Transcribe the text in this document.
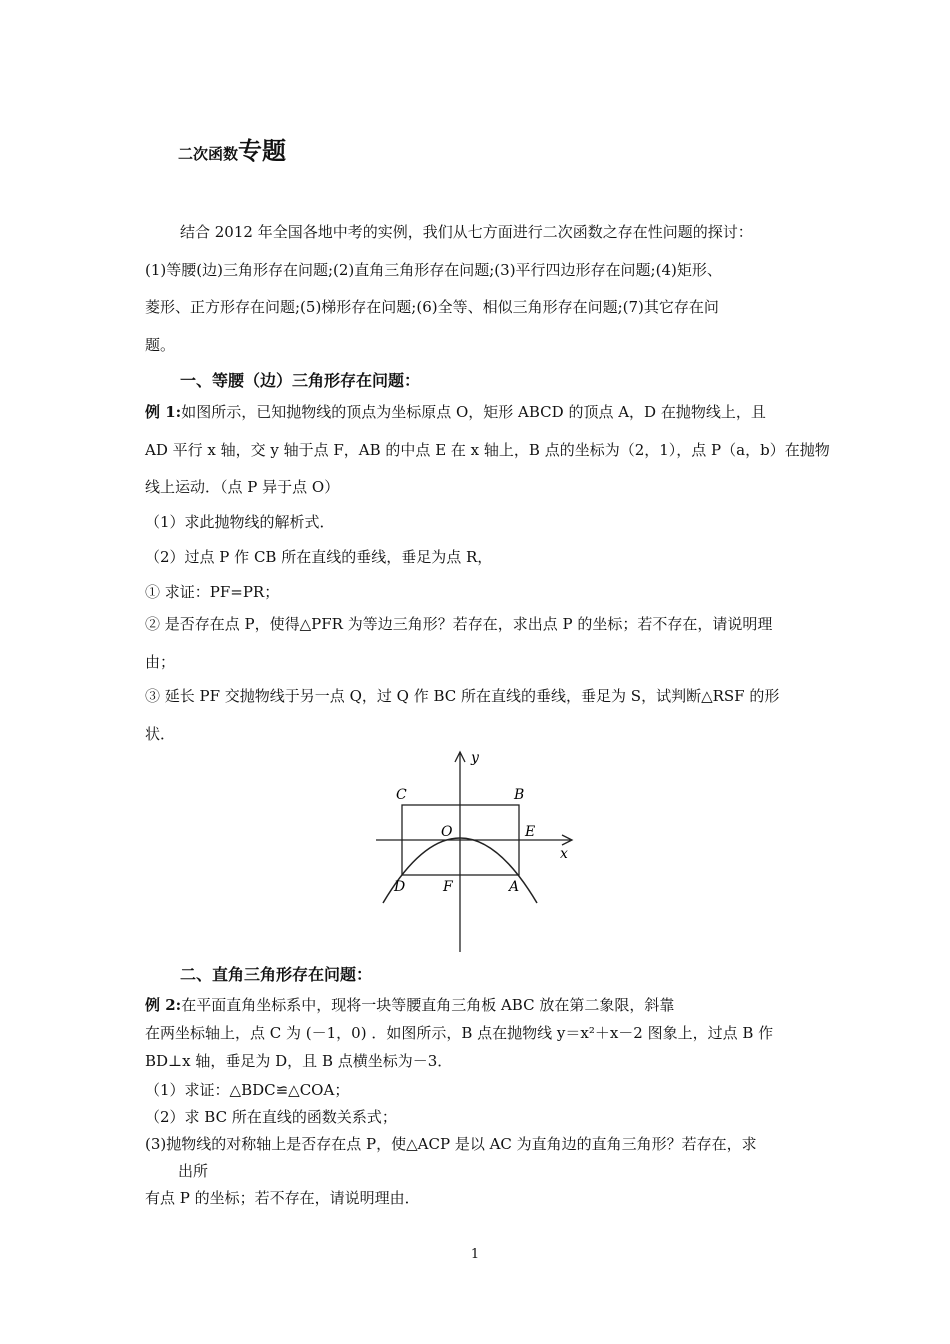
二次函数专题
结合 2012 年全国各地中考的实例，我们从七方面进行二次函数之存在性问题的探讨：
(1)等腰(边)三角形存在问题;(2)直角三角形存在问题;(3)平行四边形存在问题;(4)矩形、
菱形、正方形存在问题;(5)梯形存在问题;(6)全等、相似三角形存在问题;(7)其它存在问
题。
一、等腰（边）三角形存在问题：
例 1:如图所示，已知抛物线的顶点为坐标原点 O，矩形 ABCD 的顶点 A，D 在抛物线上，且
AD 平行 x 轴，交 y 轴于点 F，AB 的中点 E 在 x 轴上，B 点的坐标为（2，1），点 P（a，b）在抛物
线上运动．（点 P 异于点 O）
（1）求此抛物线的解析式．
（2）过点 P 作 CB 所在直线的垂线，垂足为点 R，
① 求证：PF=PR；
② 是否存在点 P，使得△PFR 为等边三角形？若存在，求出点 P 的坐标；若不存在，请说明理
由；
③ 延长 PF 交抛物线于另一点 Q，过 Q 作 BC 所在直线的垂线，垂足为 S，试判断△RSF 的形
状．
y
x
C	B
O	E
D	F	A
二、直角三角形存在问题：
例 2:在平面直角坐标系中，现将一块等腰直角三角板 ABC 放在第二象限，斜靠
在两坐标轴上，点 C 为 (－1，0) ．如图所示，B 点在抛物线 y＝x²＋x－2 图象上，过点 B 作
BD⊥x 轴，垂足为 D，且 B 点横坐标为－3．
（1）求证：△BDC≌△COA；
（2）求 BC 所在直线的函数关系式；
(3)抛物线的对称轴上是否存在点 P，使△ACP 是以 AC 为直角边的直角三角形？若存在，求
出所
有点 P 的坐标；若不存在，请说明理由．
1
